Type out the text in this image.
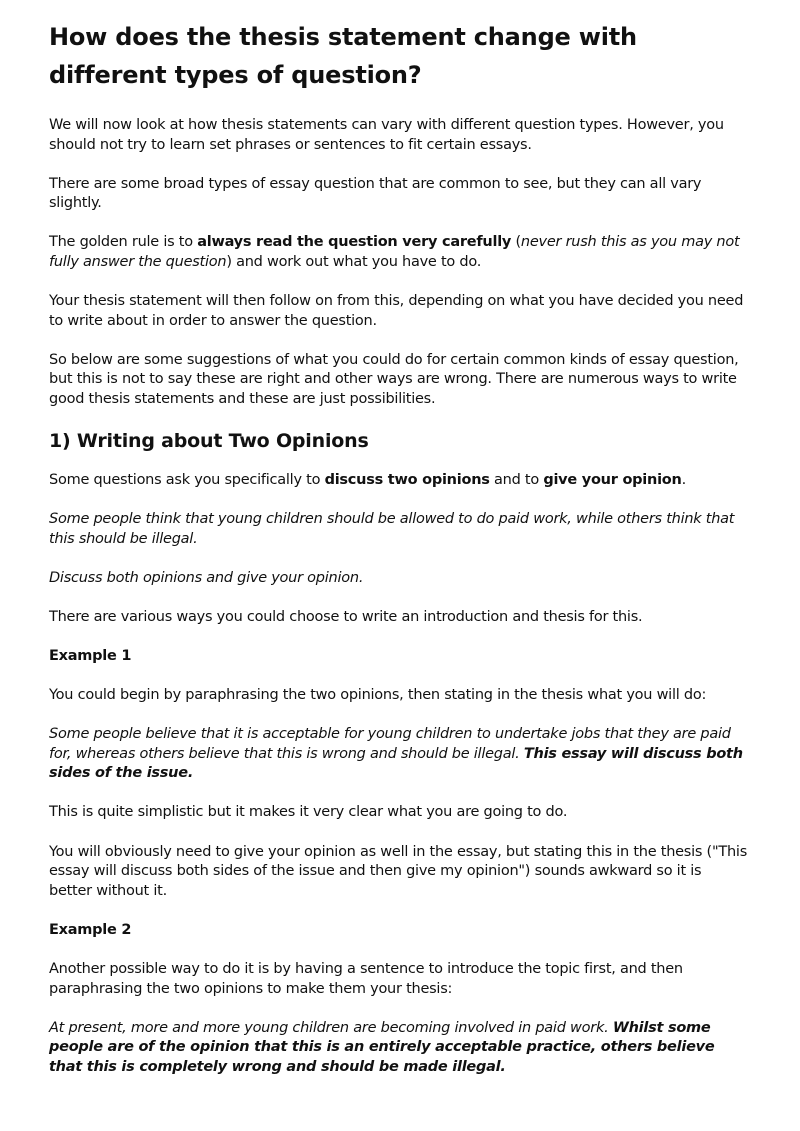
How does the thesis statement change with different types of question?

We will now look at how thesis statements can vary with different question types. However, you should not try to learn set phrases or sentences to fit certain essays.

There are some broad types of essay question that are common to see, but they can all vary slightly.

The golden rule is to always read the question very carefully (never rush this as you may not fully answer the question) and work out what you have to do.

Your thesis statement will then follow on from this, depending on what you have decided you need to write about in order to answer the question.

So below are some suggestions of what you could do for certain common kinds of essay question, but this is not to say these are right and other ways are wrong. There are numerous ways to write good thesis statements and these are just possibilities.

1) Writing about Two Opinions

Some questions ask you specifically to discuss two opinions and to give your opinion.

Some people think that young children should be allowed to do paid work, while others think that this should be illegal.

Discuss both opinions and give your opinion.

There are various ways you could choose to write an introduction and thesis for this.

Example 1

You could begin by paraphrasing the two opinions, then stating in the thesis what you will do:

Some people believe that it is acceptable for young children to undertake jobs that they are paid for, whereas others believe that this is wrong and should be illegal. This essay will discuss both sides of the issue.

This is quite simplistic but it makes it very clear what you are going to do.

You will obviously need to give your opinion as well in the essay, but stating this in the thesis ("This essay will discuss both sides of the issue and then give my opinion") sounds awkward so it is better without it.

Example 2

Another possible way to do it is by having a sentence to introduce the topic first, and then paraphrasing the two opinions to make them your thesis:

At present, more and more young children are becoming involved in paid work. Whilst some people are of the opinion that this is an entirely acceptable practice, others believe that this is completely wrong and should be made illegal.
